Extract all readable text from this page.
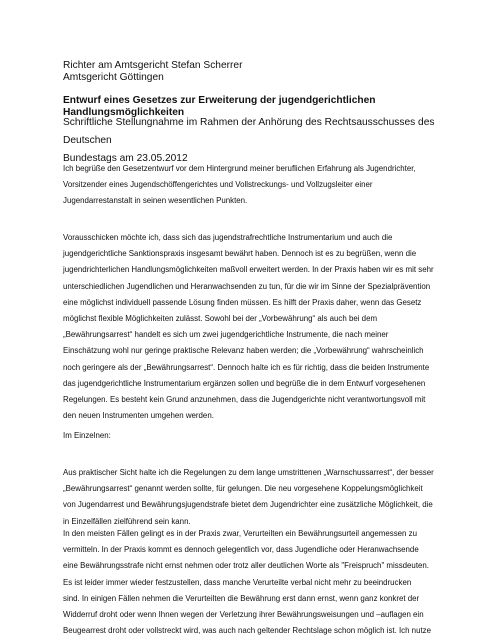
Richter am Amtsgericht Stefan Scherrer
Amtsgericht Göttingen
Entwurf eines Gesetzes zur Erweiterung der jugendgerichtlichen
Handlungsmöglichkeiten
Schriftliche Stellungnahme im Rahmen der Anhörung des Rechtsausschusses des Deutschen
Bundestags am 23.05.2012
Ich begrüße den Gesetzentwurf vor dem Hintergrund meiner beruflichen Erfahrung als Jugendrichter,
Vorsitzender eines Jugendschöffengerichtes und Vollstreckungs- und Vollzugsleiter einer
Jugendarrestanstalt in seinen wesentlichen Punkten.
Vorausschicken möchte ich, dass sich das jugendstrafrechtliche Instrumentarium und auch die
jugendgerichtliche Sanktionspraxis insgesamt bewährt haben. Dennoch ist es zu begrüßen, wenn die
jugendrichterlichen Handlungsmöglichkeiten maßvoll erweitert werden. In der Praxis haben wir es mit sehr
unterschiedlichen Jugendlichen und Heranwachsenden zu tun, für die wir im Sinne der Spezialprävention
eine möglichst individuell passende Lösung finden müssen. Es hilft der Praxis daher, wenn das Gesetz
möglichst flexible Möglichkeiten zulässt. Sowohl bei der „Vorbewährung“ als auch bei dem
„Bewährungsarrest“ handelt es sich um zwei jugendgerichtliche Instrumente, die nach meiner
Einschätzung wohl nur geringe praktische Relevanz haben werden; die „Vorbewährung“ wahrscheinlich
noch geringere als der „Bewährungsarrest“. Dennoch halte ich es für richtig, dass die beiden Instrumente
das jugendgerichtliche Instrumentarium ergänzen sollen und begrüße die in dem Entwurf vorgesehenen
Regelungen. Es besteht kein Grund anzunehmen, dass die Jugendgerichte nicht verantwortungsvoll mit
den neuen Instrumenten umgehen werden.
Im Einzelnen:
Aus praktischer Sicht halte ich die Regelungen zu dem lange umstrittenen „Warnschussarrest“, der besser
„Bewährungsarrest“ genannt werden sollte, für gelungen. Die neu vorgesehene Koppelungsmöglichkeit
von Jugendarrest und Bewährungsjugendstrafe bietet dem Jugendrichter eine zusätzliche Möglichkeit, die
in Einzelfällen zielführend sein kann.
In den meisten Fällen gelingt es in der Praxis zwar, Verurteilten ein Bewährungsurteil angemessen zu
vermitteln. In der Praxis kommt es dennoch gelegentlich vor, dass Jugendliche oder Heranwachsende
eine Bewährungsstrafe nicht ernst nehmen oder trotz aller deutlichen Worte als "Freispruch" missdeuten.
Es ist leider immer wieder festzustellen, dass manche Verurteilte verbal nicht mehr zu beeindrucken
sind. In einigen Fällen nehmen die Verurteilten die Bewährung erst dann ernst, wenn ganz konkret der
Widderruf droht oder wenn Ihnen wegen der Verletzung ihrer Bewährungsweisungen und –auflagen ein
Beugearrest droht oder vollstreckt wird, was auch nach geltender Rechtslage schon möglich ist. Ich nutze
